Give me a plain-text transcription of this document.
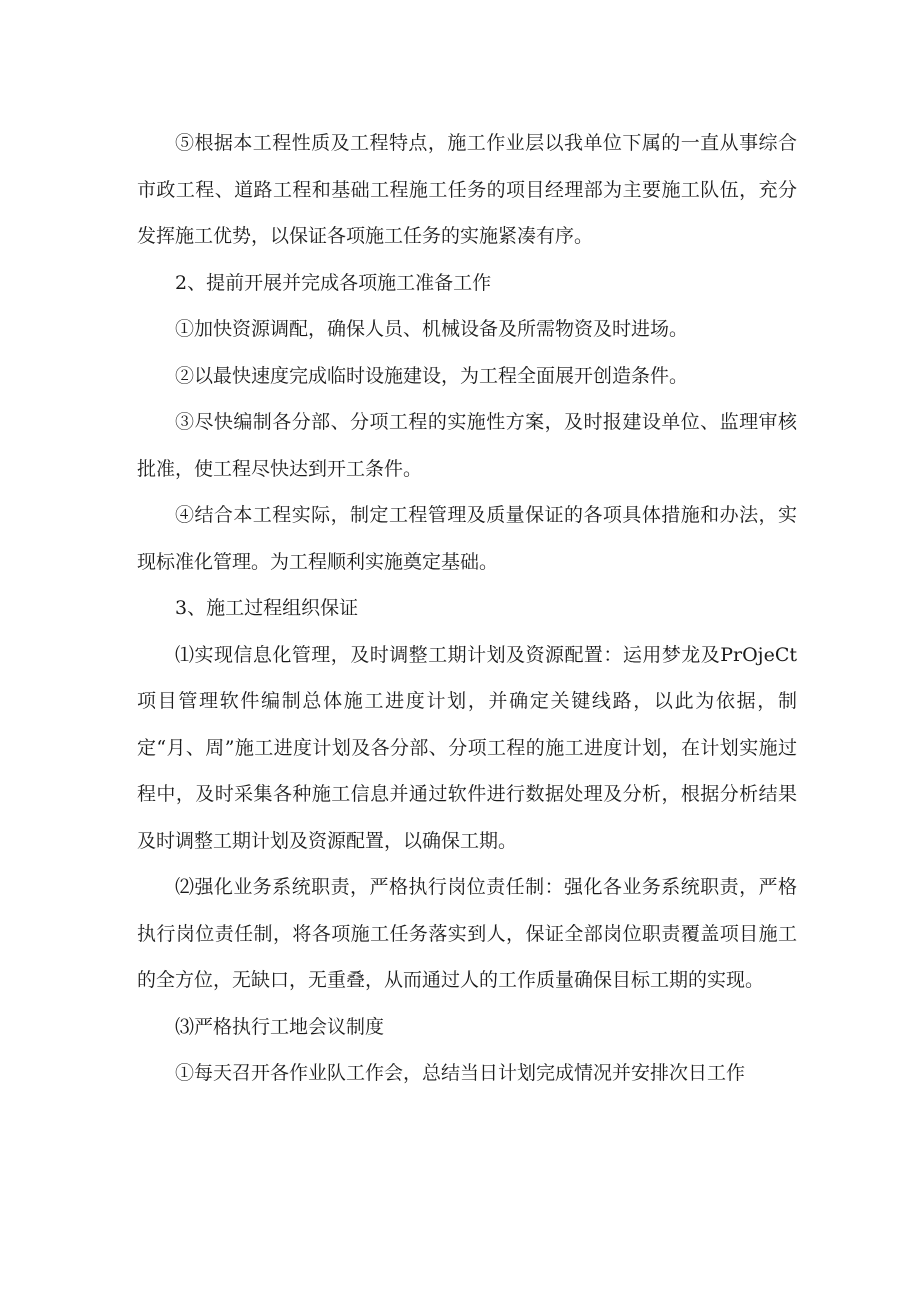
⑤根据本工程性质及工程特点，施工作业层以我单位下属的一直从事综合市政工程、道路工程和基础工程施工任务的项目经理部为主要施工队伍，充分发挥施工优势，以保证各项施工任务的实施紧凑有序。

2、提前开展并完成各项施工准备工作

①加快资源调配，确保人员、机械设备及所需物资及时进场。

②以最快速度完成临时设施建设，为工程全面展开创造条件。

③尽快编制各分部、分项工程的实施性方案，及时报建设单位、监理审核批准，使工程尽快达到开工条件。

④结合本工程实际，制定工程管理及质量保证的各项具体措施和办法，实现标准化管理。为工程顺利实施奠定基础。

3、施工过程组织保证

⑴实现信息化管理，及时调整工期计划及资源配置：运用梦龙及PrOjeCt项目管理软件编制总体施工进度计划，并确定关键线路，以此为依据，制定“月、周”施工进度计划及各分部、分项工程的施工进度计划，在计划实施过程中，及时采集各种施工信息并通过软件进行数据处理及分析，根据分析结果及时调整工期计划及资源配置，以确保工期。

⑵强化业务系统职责，严格执行岗位责任制：强化各业务系统职责，严格执行岗位责任制，将各项施工任务落实到人，保证全部岗位职责覆盖项目施工的全方位，无缺口，无重叠，从而通过人的工作质量确保目标工期的实现。

⑶严格执行工地会议制度

①每天召开各作业队工作会，总结当日计划完成情况并安排次日工作
